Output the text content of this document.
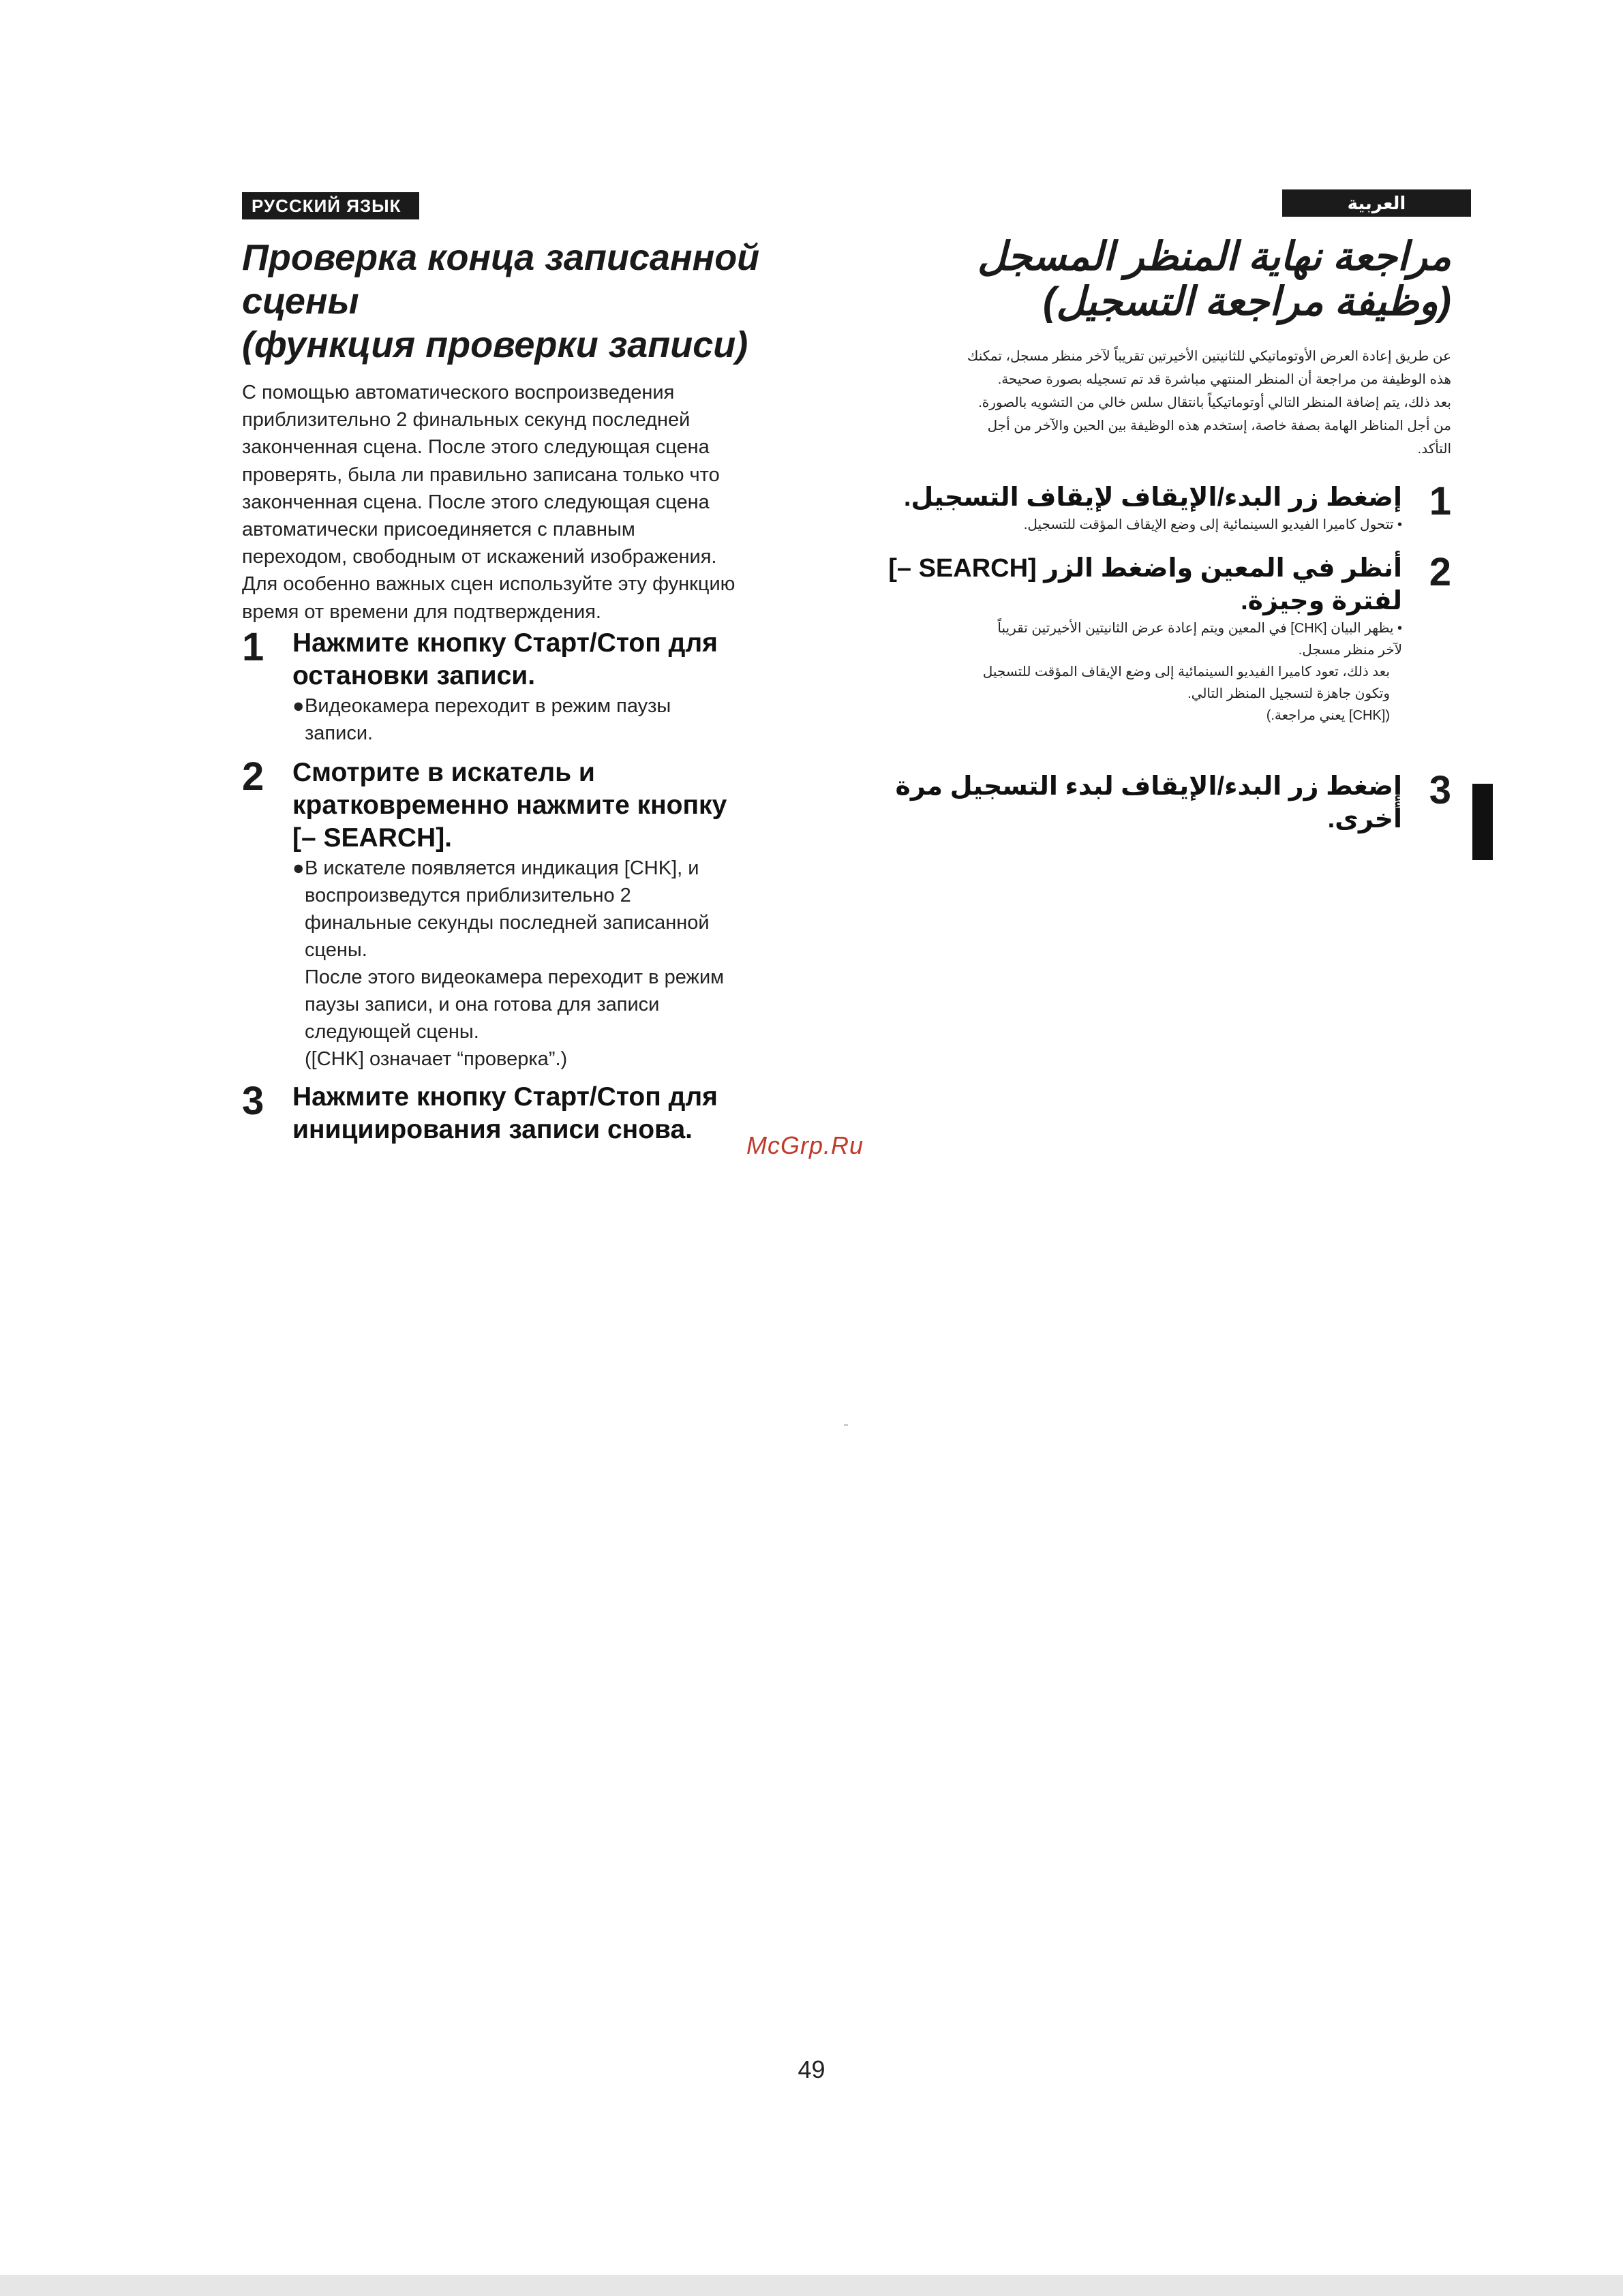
РУССКИЙ ЯЗЫК	العربية
Проверка конца записанной
сцены
(функция проверки записи)
С помощью автоматического воспроизведения
приблизительно 2 финальных секунд последней
законченная сцена. После этого следующая сцена
проверять, была ли правильно записана только что
законченная сцена. После этого следующая сцена
автоматически присоединяется с плавным
переходом, свободным от искажений изображения.
Для особенно важных сцен используйте эту функцию
время от времени для подтверждения.
1 Нажмите кнопку Старт/Стоп для
остановки записи.
● Видеокамера переходит в режим паузы
записи.
2 Смотрите в искатель и
кратковременно нажмите кнопку
[– SEARCH].
● В искателе появляется индикация [CHK], и
воспроизведутся приблизительно 2
финальные секунды последней записанной
сцены.
После этого видеокамера переходит в режим
паузы записи, и она готова для записи
следующей сцены.
([CHK] означает “проверка”.)
3 Нажмите кнопку Старт/Стоп для
инициирования записи снова.
McGrp.Ru
مراجعة نهاية المنظر المسجل
(وظيفة مراجعة التسجيل)
عن طريق إعادة العرض الأوتوماتيكي للثانيتين الأخيرتين تقريباً لآخر منظر مسجل، تمكنك
هذه الوظيفة من مراجعة أن المنظر المنتهي مباشرة قد تم تسجيله بصورة صحيحة.
بعد ذلك، يتم إضافة المنظر التالي أوتوماتيكياً بانتقال سلس خالي من التشويه بالصورة.
من أجل المناظر الهامة بصفة خاصة، إستخدم هذه الوظيفة بين الحين والآخر من أجل
التأكد.
1
إضغط زر البدء/الإيقاف لإيقاف التسجيل.
• تتحول كاميرا الفيديو السينمائية إلى وضع الإيقاف المؤقت للتسجيل.
2
أنظر في المعين واضغط الزر [SEARCH –]
لفترة وجيزة.
• يظهر البيان [CHK] في المعين ويتم إعادة عرض الثانيتين الأخيرتين تقريباً
لآخر منظر مسجل.
بعد ذلك، تعود كاميرا الفيديو السينمائية إلى وضع الإيقاف المؤقت للتسجيل
وتكون جاهزة لتسجيل المنظر التالي.
([CHK] يعني مراجعة.)
3
إضغط زر البدء/الإيقاف لبدء التسجيل مرة أخرى.
49
